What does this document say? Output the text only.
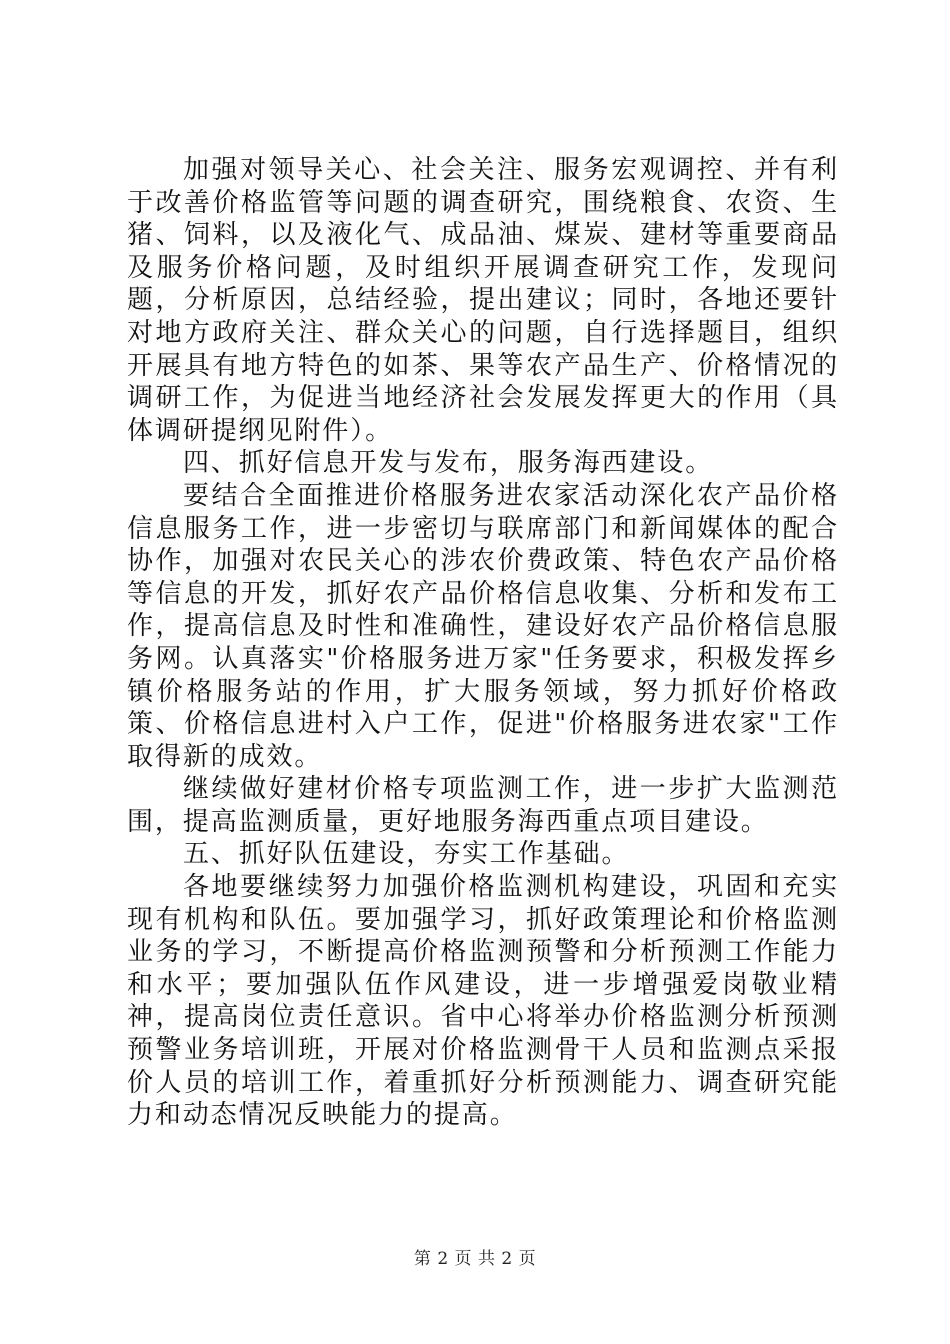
加强对领导关心、社会关注、服务宏观调控、并有利于改善价格监管等问题的调查研究，围绕粮食、农资、生猪、饲料，以及液化气、成品油、煤炭、建材等重要商品及服务价格问题，及时组织开展调查研究工作，发现问题，分析原因，总结经验，提出建议；同时，各地还要针对地方政府关注、群众关心的问题，自行选择题目，组织开展具有地方特色的如茶、果等农产品生产、价格情况的调研工作，为促进当地经济社会发展发挥更大的作用（具体调研提纲见附件）。

四、抓好信息开发与发布，服务海西建设。

要结合全面推进价格服务进农家活动深化农产品价格信息服务工作，进一步密切与联席部门和新闻媒体的配合协作，加强对农民关心的涉农价费政策、特色农产品价格等信息的开发，抓好农产品价格信息收集、分析和发布工作，提高信息及时性和准确性，建设好农产品价格信息服务网。认真落实"价格服务进万家"任务要求，积极发挥乡镇价格服务站的作用，扩大服务领域，努力抓好价格政策、价格信息进村入户工作，促进"价格服务进农家"工作取得新的成效。

继续做好建材价格专项监测工作，进一步扩大监测范围，提高监测质量，更好地服务海西重点项目建设。

五、抓好队伍建设，夯实工作基础。

各地要继续努力加强价格监测机构建设，巩固和充实现有机构和队伍。要加强学习，抓好政策理论和价格监测业务的学习，不断提高价格监测预警和分析预测工作能力和水平；要加强队伍作风建设，进一步增强爱岗敬业精神，提高岗位责任意识。省中心将举办价格监测分析预测预警业务培训班，开展对价格监测骨干人员和监测点采报价人员的培训工作，着重抓好分析预测能力、调查研究能力和动态情况反映能力的提高。

第 2 页 共 2 页
